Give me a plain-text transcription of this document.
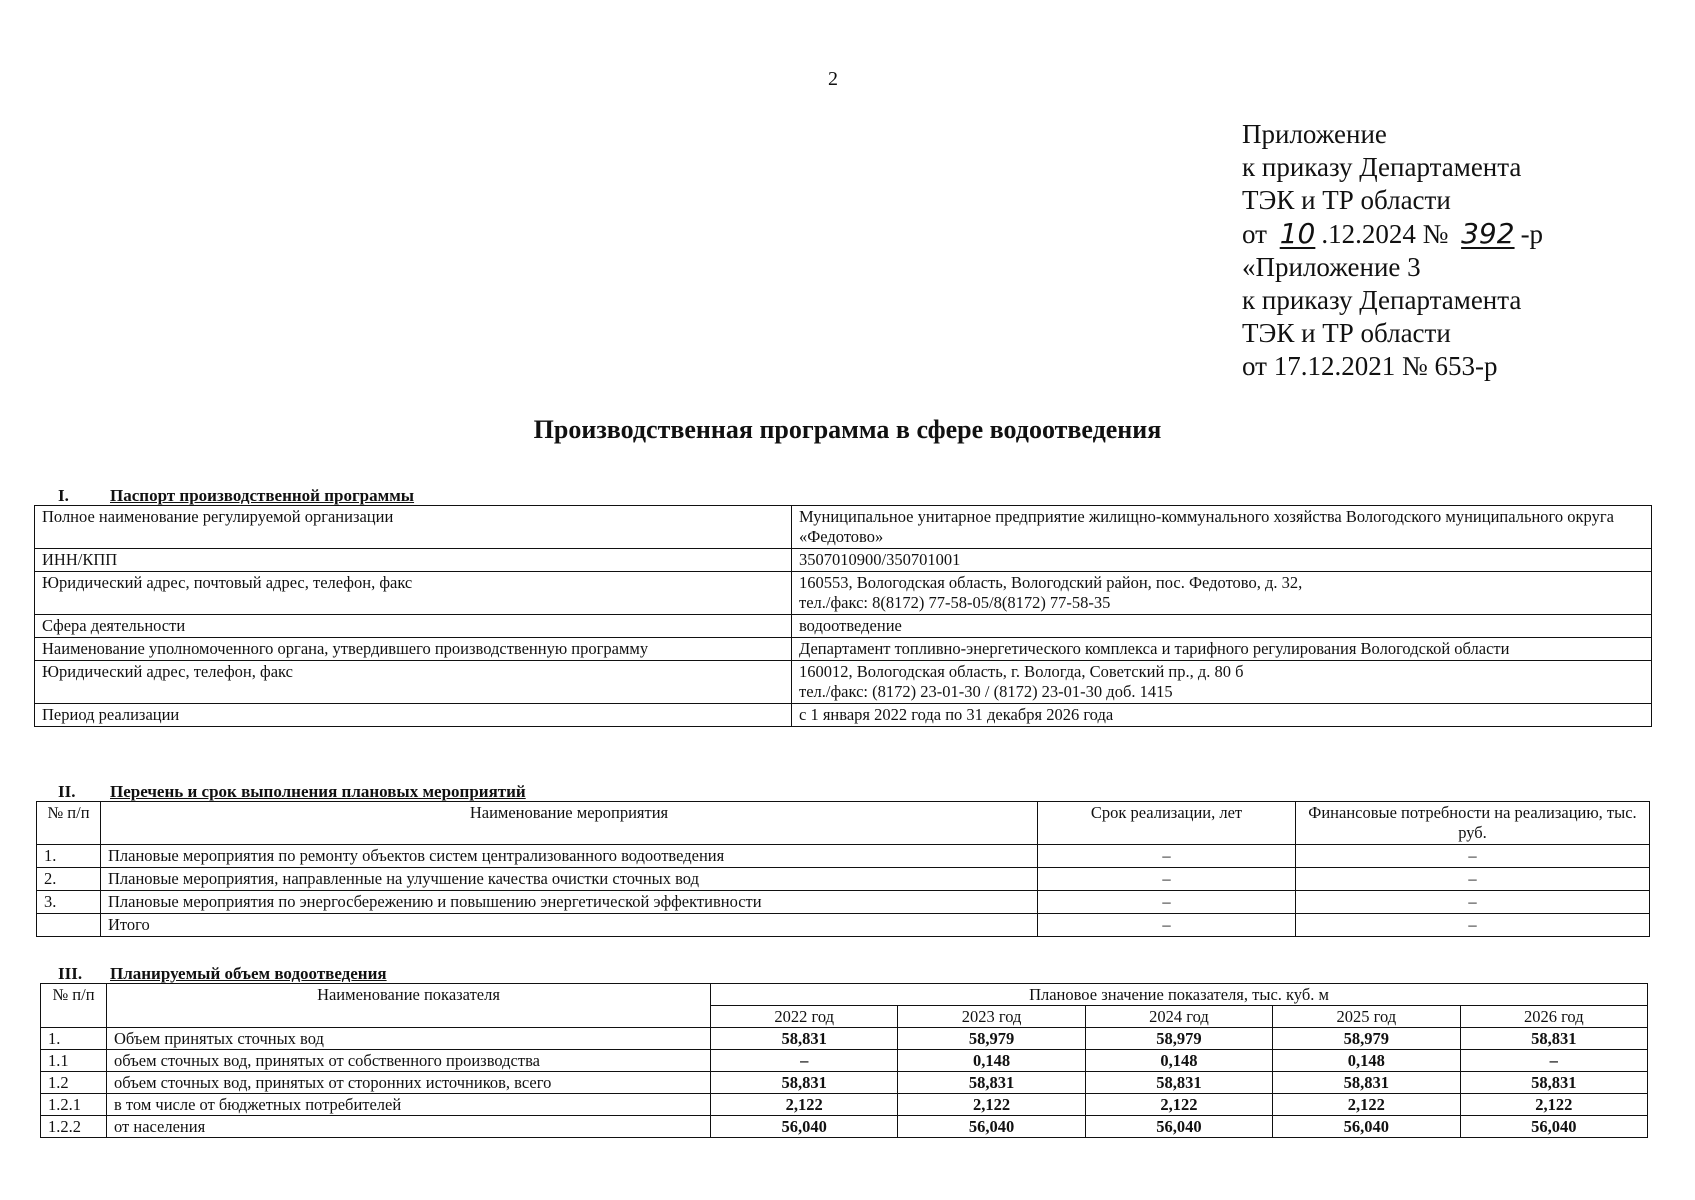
2
Приложение
к приказу Департамента
ТЭК и ТР области
от 10 .12.2024 № 392 -р
«Приложение 3
к приказу Департамента
ТЭК и ТР области
от 17.12.2021 № 653-р
Производственная программа в сфере водоотведения
I. Паспорт производственной программы
Полное наименование регулируемой организации	Муниципальное унитарное предприятие жилищно-коммунального хозяйства Вологодского муниципального округа «Федотово»
ИНН/КПП	3507010900/350701001
Юридический адрес, почтовый адрес, телефон, факс	160553, Вологодская область, Вологодский район, пос. Федотово, д. 32,
тел./факс: 8(8172) 77-58-05/8(8172) 77-58-35

Сфера деятельности	водоотведение
Наименование уполномоченного органа, утвердившего производственную программу	Департамент топливно-энергетического комплекса и тарифного регулирования Вологодской области
Юридический адрес, телефон, факс	160012, Вологодская область, г. Вологда, Советский пр., д. 80 б
тел./факс: (8172) 23-01-30 / (8172) 23-01-30 доб. 1415

Период реализации	с 1 января 2022 года по 31 декабря 2026 года
II. Перечень и срок выполнения плановых мероприятий
№ п/п	Наименование мероприятия	Срок реализации, лет	Финансовые потребности на реализацию, тыс. руб.
1.	Плановые мероприятия по ремонту объектов систем централизованного водоотведения	–	–
2.	Плановые мероприятия, направленные на улучшение качества очистки сточных вод	–	–
3.	Плановые мероприятия по энергосбережению и повышению энергетической эффективности	–	–
	Итого	–	–
III. Планируемый объем водоотведения
№ п/п	Наименование показателя	Плановое значение показателя, тыс. куб. м				
		2022 год	2023 год	2024 год	2025 год	2026 год
1.	Объем принятых сточных вод	58,831	58,979	58,979	58,979	58,831
1.1	объем сточных вод, принятых от собственного производства	–	0,148	0,148	0,148	–
1.2	объем сточных вод, принятых от сторонних источников, всего	58,831	58,831	58,831	58,831	58,831
1.2.1	в том числе от бюджетных потребителей	2,122	2,122	2,122	2,122	2,122
1.2.2	от населения	56,040	56,040	56,040	56,040	56,040
